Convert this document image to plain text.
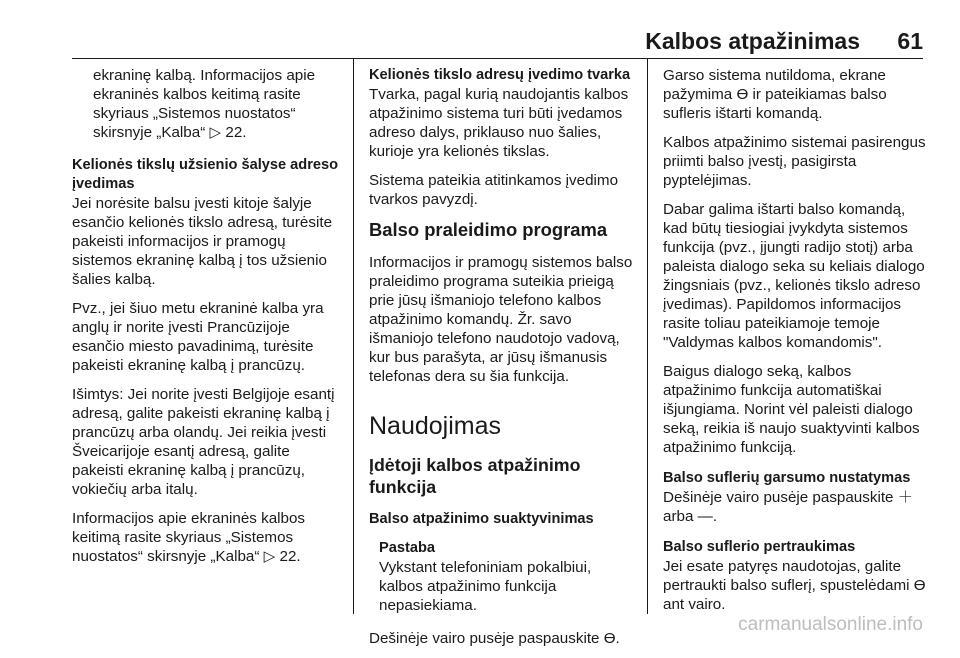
Kalbos atpažinimas 61

ekraninę kalbą. Informacijos apie ekraninės kalbos keitimą rasite skyriaus „Sistemos nuostatos“ skirsnyje „Kalba“ ▷ 22.

Kelionės tikslų užsienio šalyse adreso įvedimas

Jei norėsite balsu įvesti kitoje šalyje esančio kelionės tikslo adresą, turėsite pakeisti informacijos ir pramogų sistemos ekraninę kalbą į tos užsienio šalies kalbą.

Pvz., jei šiuo metu ekraninė kalba yra anglų ir norite įvesti Prancūzijoje esančio miesto pavadinimą, turėsite pakeisti ekraninę kalbą į prancūzų.

Išimtys: Jei norite įvesti Belgijoje esantį adresą, galite pakeisti ekraninę kalbą į prancūzų arba olandų. Jei reikia įvesti Šveicarijoje esantį adresą, galite pakeisti ekraninę kalbą į prancūzų, vokiečių arba italų.

Informacijos apie ekraninės kalbos keitimą rasite skyriaus „Sistemos nuostatos“ skirsnyje „Kalba“ ▷ 22.

Kelionės tikslo adresų įvedimo tvarka

Tvarka, pagal kurią naudojantis kalbos atpažinimo sistema turi būti įvedamos adreso dalys, priklauso nuo šalies, kurioje yra kelionės tikslas.

Sistema pateikia atitinkamos įvedimo tvarkos pavyzdį.

Balso praleidimo programa

Informacijos ir pramogų sistemos balso praleidimo programa suteikia prieigą prie jūsų išmaniojo telefono kalbos atpažinimo komandų. Žr. savo išmaniojo telefono naudotojo vadovą, kur bus parašyta, ar jūsų išmanusis telefonas dera su šia funkcija.

Naudojimas

Įdėtoji kalbos atpažinimo funkcija

Balso atpažinimo suaktyvinimas

Pastaba
Vykstant telefoniniam pokalbiui, kalbos atpažinimo funkcija nepasiekiama.

Dešinėje vairo pusėje paspauskite ϴ.

Garso sistema nutildoma, ekrane pažymima ϴ ir pateikiamas balso sufleris ištarti komandą.

Kalbos atpažinimo sistemai pasirengus priimti balso įvestį, pasigirsta pyptelėjimas.

Dabar galima ištarti balso komandą, kad būtų tiesiogiai įvykdyta sistemos funkcija (pvz., įjungti radijo stotį) arba paleista dialogo seka su keliais dialogo žingsniais (pvz., kelionės tikslo adreso įvedimas). Papildomos informacijos rasite toliau pateikiamoje temoje "Valdymas kalbos komandomis".

Baigus dialogo seką, kalbos atpažinimo funkcija automatiškai išjungiama. Norint vėl paleisti dialogo seką, reikia iš naujo suaktyvinti kalbos atpažinimo funkciją.

Balso suflerių garsumo nustatymas

Dešinėje vairo pusėje paspauskite ＋ arba —.

Balso suflerio pertraukimas

Jei esate patyręs naudotojas, galite pertraukti balso suflerį, spustelėdami ϴ ant vairo.

carmanualsonline.info
